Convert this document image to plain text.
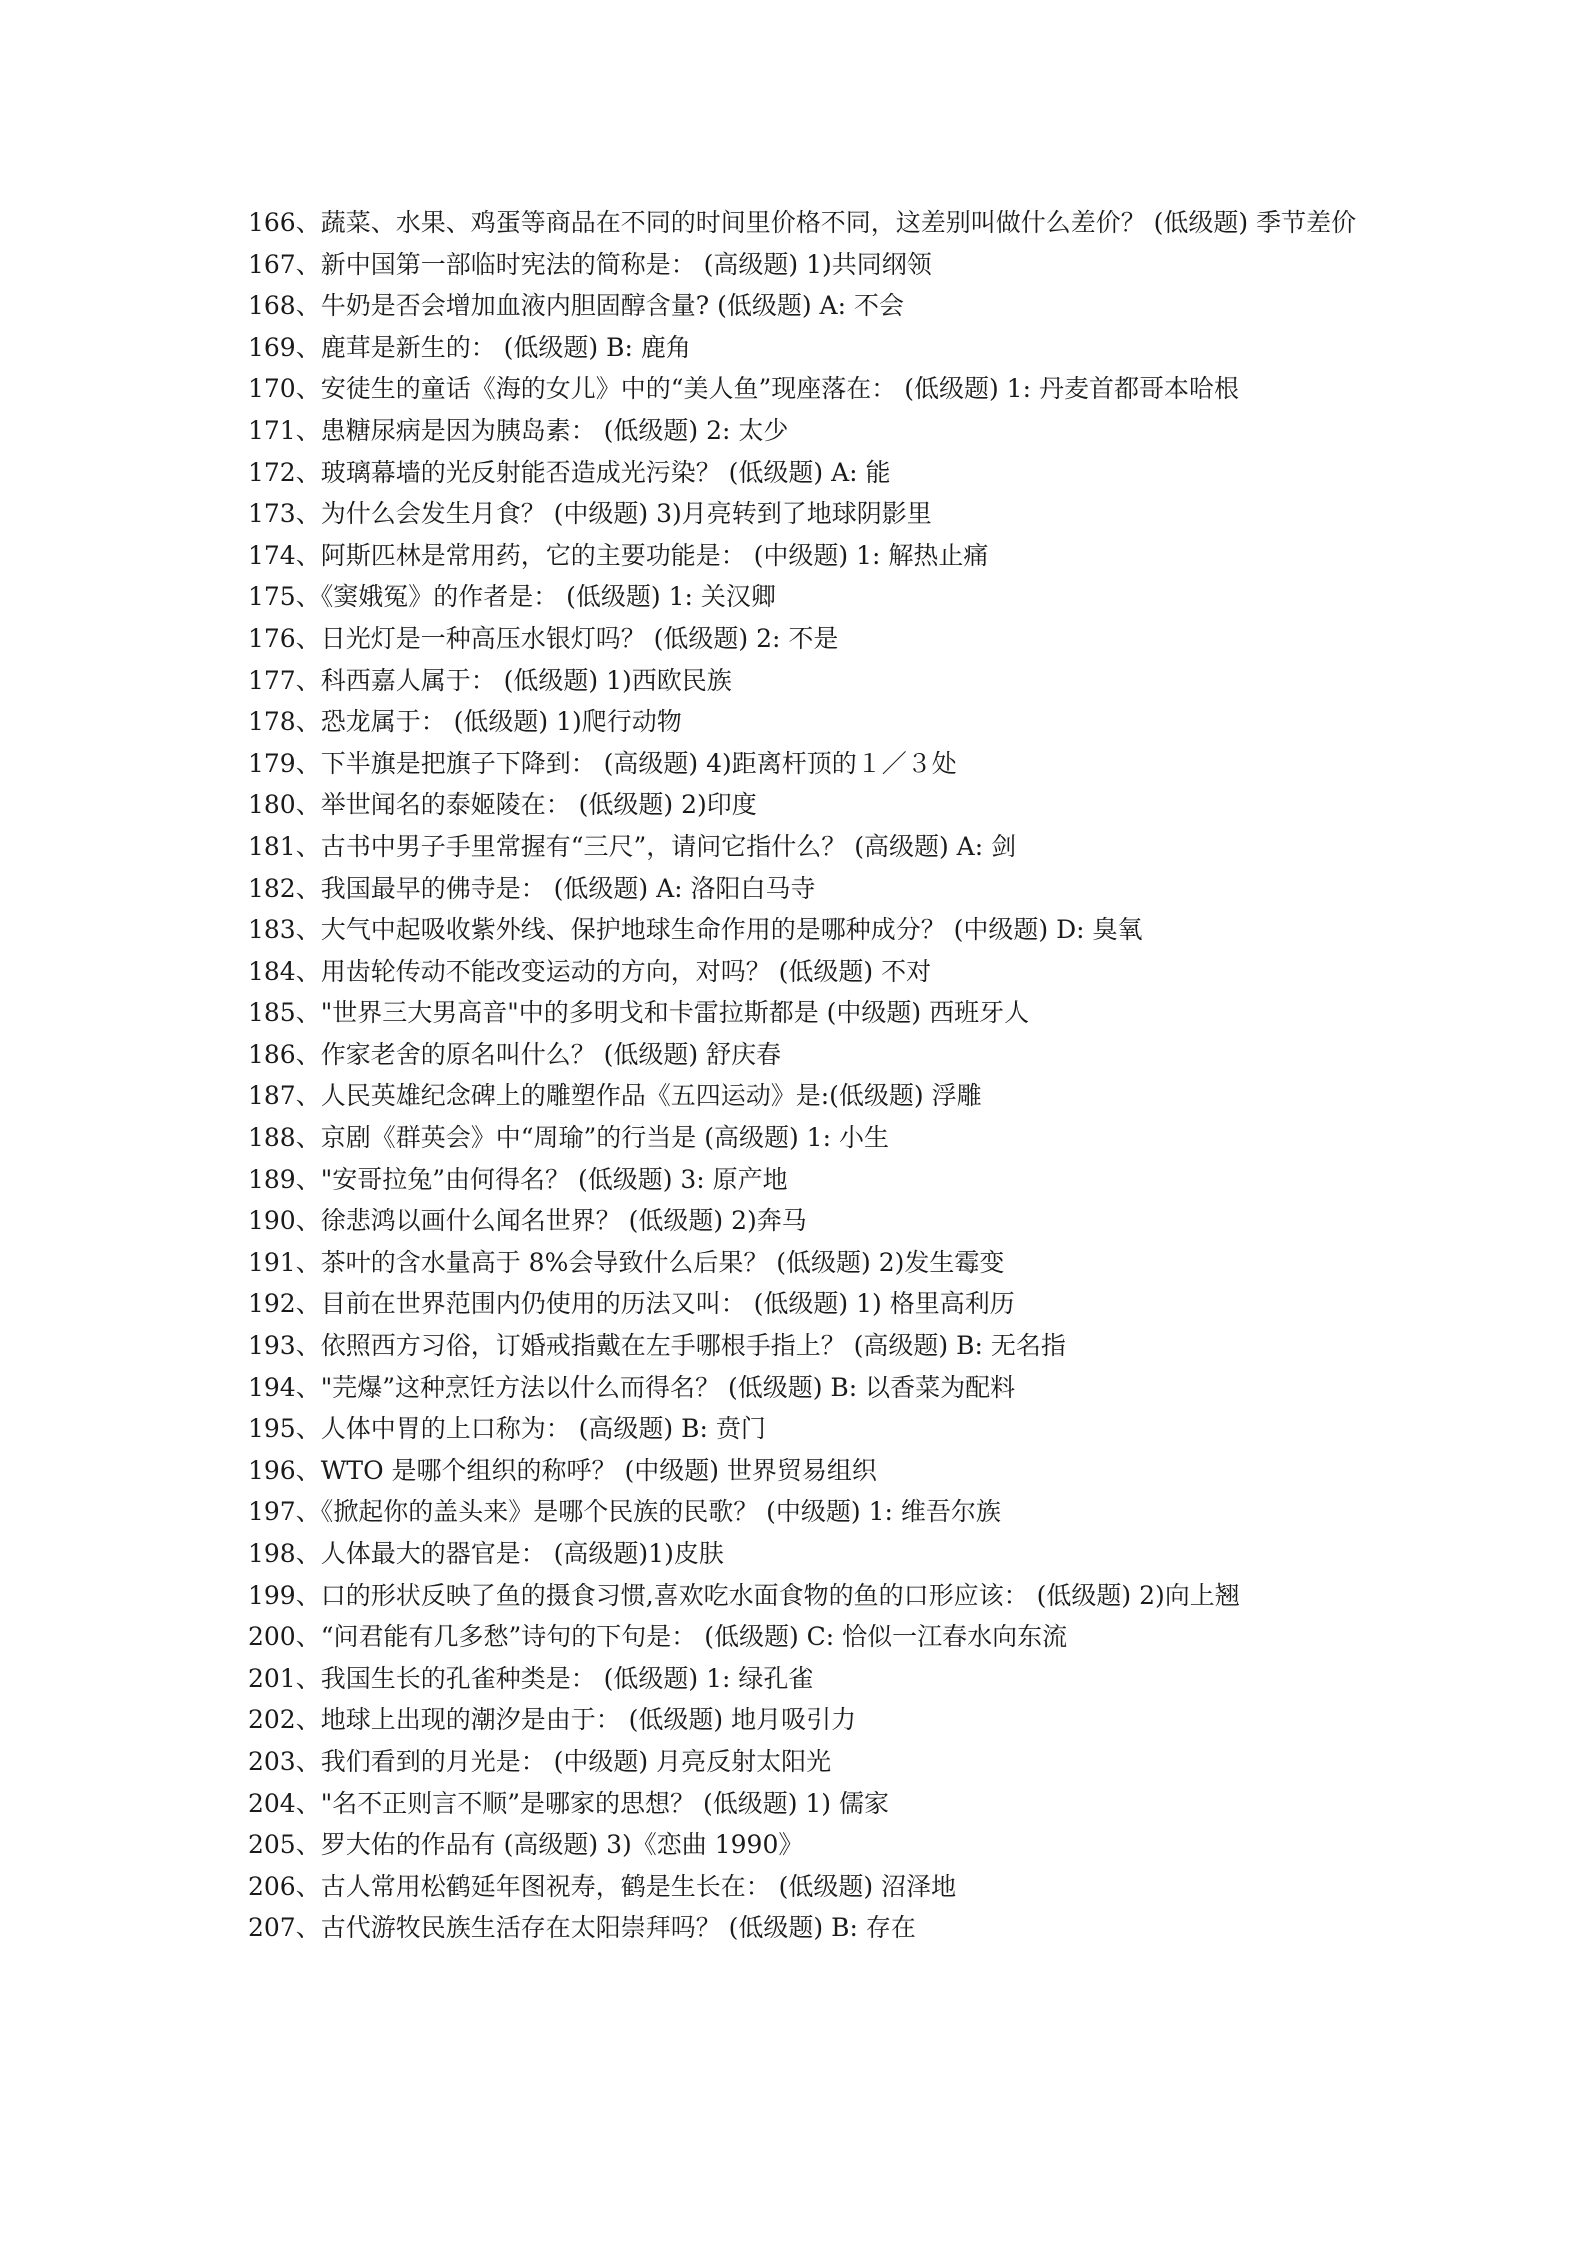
166、蔬菜、水果、鸡蛋等商品在不同的时间里价格不同，这差别叫做什么差价？ (低级题) 季节差价

167、新中国第一部临时宪法的简称是： (高级题) 1)共同纲领

168、牛奶是否会增加血液内胆固醇含量? (低级题) A: 不会

169、鹿茸是新生的： (低级题) B: 鹿角

170、安徒生的童话《海的女儿》中的“美人鱼”现座落在： (低级题) 1: 丹麦首都哥本哈根

171、患糖尿病是因为胰岛素： (低级题) 2: 太少

172、玻璃幕墙的光反射能否造成光污染？ (低级题) A: 能

173、为什么会发生月食？ (中级题) 3)月亮转到了地球阴影里

174、阿斯匹林是常用药，它的主要功能是： (中级题) 1: 解热止痛

175、《窦娥冤》的作者是： (低级题) 1: 关汉卿

176、日光灯是一种高压水银灯吗？ (低级题) 2: 不是

177、科西嘉人属于： (低级题) 1)西欧民族

178、恐龙属于： (低级题) 1)爬行动物

179、下半旗是把旗子下降到： (高级题) 4)距离杆顶的１／３处

180、举世闻名的泰姬陵在： (低级题) 2)印度

181、古书中男子手里常握有“三尺”，请问它指什么？ (高级题) A: 剑

182、我国最早的佛寺是： (低级题) A: 洛阳白马寺

183、大气中起吸收紫外线、保护地球生命作用的是哪种成分？ (中级题) D: 臭氧

184、用齿轮传动不能改变运动的方向，对吗？ (低级题) 不对

185、"世界三大男高音"中的多明戈和卡雷拉斯都是 (中级题) 西班牙人

186、作家老舍的原名叫什么？ (低级题) 舒庆春

187、人民英雄纪念碑上的雕塑作品《五四运动》是:(低级题) 浮雕

188、京剧《群英会》中“周瑜”的行当是 (高级题) 1: 小生

189、"安哥拉兔”由何得名？ (低级题) 3: 原产地

190、徐悲鸿以画什么闻名世界？ (低级题) 2)奔马

191、茶叶的含水量高于 8%会导致什么后果？ (低级题) 2)发生霉变

192、目前在世界范围内仍使用的历法又叫： (低级题) 1) 格里高利历

193、依照西方习俗，订婚戒指戴在左手哪根手指上？ (高级题) B: 无名指

194、"芫爆”这种烹饪方法以什么而得名？ (低级题) B: 以香菜为配料

195、人体中胃的上口称为： (高级题) B: 贲门

196、WTO 是哪个组织的称呼？ (中级题) 世界贸易组织

197、《掀起你的盖头来》是哪个民族的民歌？ (中级题) 1: 维吾尔族

198、人体最大的器官是： (高级题)1)皮肤

199、口的形状反映了鱼的摄食习惯,喜欢吃水面食物的鱼的口形应该： (低级题) 2)向上翘

200、“问君能有几多愁”诗句的下句是： (低级题) C: 恰似一江春水向东流

201、我国生长的孔雀种类是： (低级题) 1: 绿孔雀

202、地球上出现的潮汐是由于： (低级题) 地月吸引力

203、我们看到的月光是： (中级题) 月亮反射太阳光

204、"名不正则言不顺”是哪家的思想？ (低级题) 1) 儒家

205、罗大佑的作品有 (高级题) 3)《恋曲 1990》

206、古人常用松鹤延年图祝寿，鹤是生长在： (低级题) 沼泽地

207、古代游牧民族生活存在太阳崇拜吗？ (低级题) B: 存在
